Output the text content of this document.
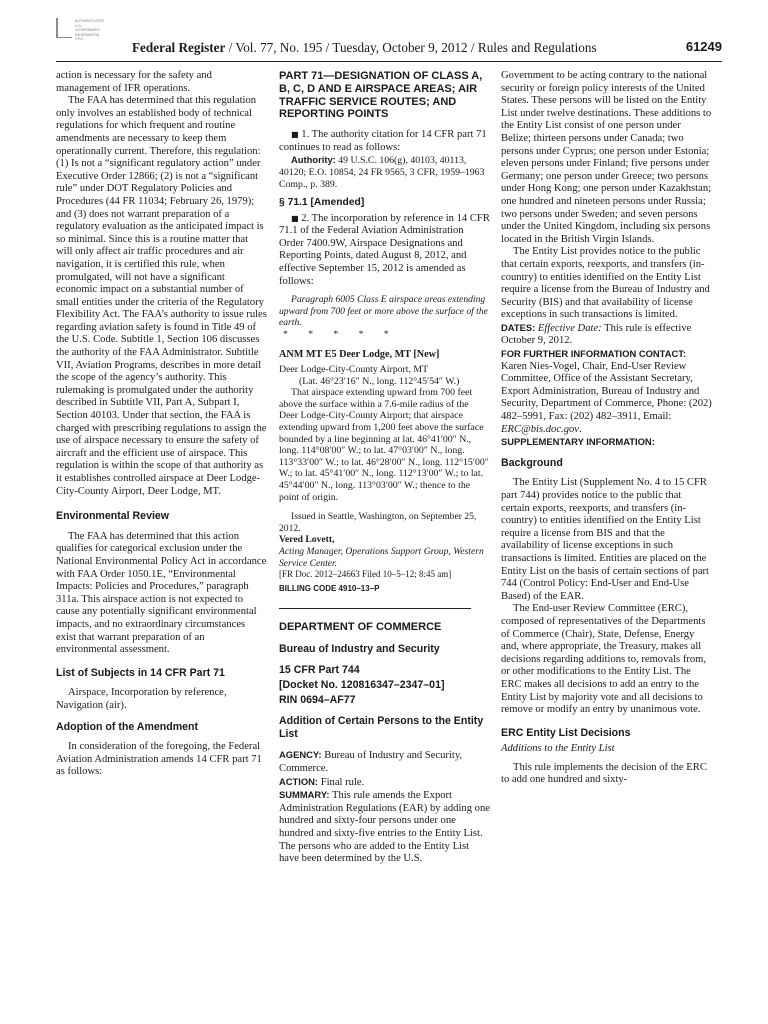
AUTHENTICATED U.S. GOVERNMENT INFORMATION GPO
Federal Register / Vol. 77, No. 195 / Tuesday, October 9, 2012 / Rules and Regulations	61249

action is necessary for the safety and management of IFR operations.

The FAA has determined that this regulation only involves an established body of technical regulations for which frequent and routine amendments are necessary to keep them operationally current. Therefore, this regulation: (1) Is not a “significant regulatory action” under Executive Order 12866; (2) is not a “significant rule” under DOT Regulatory Policies and Procedures (44 FR 11034; February 26, 1979); and (3) does not warrant preparation of a regulatory evaluation as the anticipated impact is so minimal. Since this is a routine matter that will only affect air traffic procedures and air navigation, it is certified this rule, when promulgated, will not have a significant economic impact on a substantial number of small entities under the criteria of the Regulatory Flexibility Act. The FAA’s authority to issue rules regarding aviation safety is found in Title 49 of the U.S. Code. Subtitle 1, Section 106 discusses the authority of the FAA Administrator. Subtitle VII, Aviation Programs, describes in more detail the scope of the agency’s authority. This rulemaking is promulgated under the authority described in Subtitle VII, Part A, Subpart I, Section 40103. Under that section, the FAA is charged with prescribing regulations to assign the use of airspace necessary to ensure the safety of aircraft and the efficient use of airspace. This regulation is within the scope of that authority as it establishes controlled airspace at Deer Lodge-City-County Airport, Deer Lodge, MT.

Environmental Review

The FAA has determined that this action qualifies for categorical exclusion under the National Environmental Policy Act in accordance with FAA Order 1050.1E, “Environmental Impacts: Policies and Procedures,” paragraph 311a. This airspace action is not expected to cause any potentially significant environmental impacts, and no extraordinary circumstances exist that warrant preparation of an environmental assessment.

List of Subjects in 14 CFR Part 71

Airspace, Incorporation by reference, Navigation (air).

Adoption of the Amendment

In consideration of the foregoing, the Federal Aviation Administration amends 14 CFR part 71 as follows:

PART 71—DESIGNATION OF CLASS A, B, C, D AND E AIRSPACE AREAS; AIR TRAFFIC SERVICE ROUTES; AND REPORTING POINTS

■ 1. The authority citation for 14 CFR part 71 continues to read as follows:

Authority: 49 U.S.C. 106(g), 40103, 40113, 40120; E.O. 10854, 24 FR 9565, 3 CFR, 1959–1963 Comp., p. 389.

§ 71.1 [Amended]

■ 2. The incorporation by reference in 14 CFR 71.1 of the Federal Aviation Administration Order 7400.9W, Airspace Designations and Reporting Points, dated August 8, 2012, and effective September 15, 2012 is amended as follows:

Paragraph 6005 Class E airspace areas extending upward from 700 feet or more above the surface of the earth.

* * * * *

ANM MT E5 Deer Lodge, MT [New]

Deer Lodge-City-County Airport, MT

(Lat. 46°23′16″ N., long. 112°45′54″ W.)

That airspace extending upward from 700 feet above the surface within a 7.6-mile radius of the Deer Lodge-City-County Airport; that airspace extending upward from 1,200 feet above the surface bounded by a line beginning at lat. 46°41′00″ N., long. 114°08′00″ W.; to lat. 47°03′00″ N., long. 113°33′00″ W.; to lat. 46°28′00″ N., long. 112°15′00″ W.; to lat. 45°41′00″ N., long. 112°13′00″ W.; to lat. 45°44′00″ N., long. 113°03′00″ W.; thence to the point of origin.

Issued in Seattle, Washington, on September 25, 2012.

Vered Lovett,

Acting Manager, Operations Support Group, Western Service Center.

[FR Doc. 2012–24663 Filed 10–5–12; 8:45 am]

BILLING CODE 4910–13–P
DEPARTMENT OF COMMERCE
Bureau of Industry and Security
15 CFR Part 744
[Docket No. 120816347–2347–01]
RIN 0694–AF77
Addition of Certain Persons to the Entity List

AGENCY: Bureau of Industry and Security, Commerce.

ACTION: Final rule.

SUMMARY: This rule amends the Export Administration Regulations (EAR) by adding one hundred and sixty-four persons under one hundred and sixty-five entries to the Entity List. The persons who are added to the Entity List have been determined by the U.S.

Government to be acting contrary to the national security or foreign policy interests of the United States. These persons will be listed on the Entity List under twelve destinations. These additions to the Entity List consist of one person under Belize; thirteen persons under Canada; two persons under Cyprus; one person under Estonia; eleven persons under Finland; five persons under Germany; one person under Greece; two persons under Hong Kong; one person under Kazakhstan; one hundred and nineteen persons under Russia; two persons under Sweden; and seven persons under the United Kingdom, including six persons located in the British Virgin Islands.

The Entity List provides notice to the public that certain exports, reexports, and transfers (in-country) to entities identified on the Entity List require a license from the Bureau of Industry and Security (BIS) and that availability of license exceptions in such transactions is limited.

DATES: Effective Date: This rule is effective October 9, 2012.

FOR FURTHER INFORMATION CONTACT:

Karen Nies-Vogel, Chair, End-User Review Committee, Office of the Assistant Secretary, Export Administration, Bureau of Industry and Security, Department of Commerce, Phone: (202) 482–5991, Fax: (202) 482–3911, Email: ERC@bis.doc.gov.

SUPPLEMENTARY INFORMATION:

Background

The Entity List (Supplement No. 4 to 15 CFR part 744) provides notice to the public that certain exports, reexports, and transfers (in-country) to entities identified on the Entity List require a license from BIS and that the availability of license exceptions in such transactions is limited. Entities are placed on the Entity List on the basis of certain sections of part 744 (Control Policy: End-User and End-Use Based) of the EAR.

The End-user Review Committee (ERC), composed of representatives of the Departments of Commerce (Chair), State, Defense, Energy and, where appropriate, the Treasury, makes all decisions regarding additions to, removals from, or other modifications to the Entity List. The ERC makes all decisions to add an entry to the Entity List by majority vote and all decisions to remove or modify an entry by unanimous vote.

ERC Entity List Decisions

Additions to the Entity List

This rule implements the decision of the ERC to add one hundred and sixty-
